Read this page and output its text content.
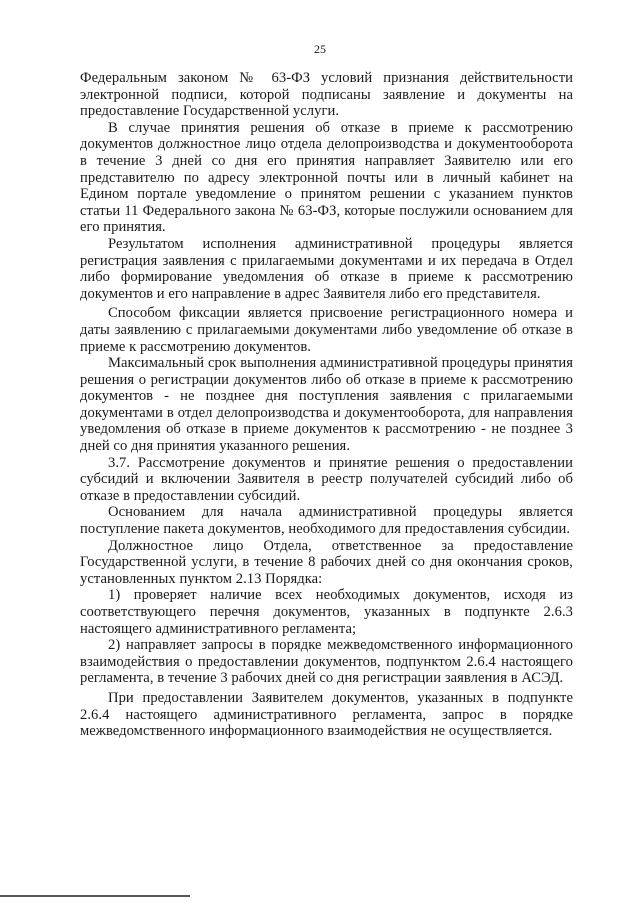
25

Федеральным законом № 63-ФЗ условий признания действительности электронной подписи, которой подписаны заявление и документы на предоставление Государственной услуги.

В случае принятия решения об отказе в приеме к рассмотрению документов должностное лицо отдела делопроизводства и документооборота в течение 3 дней со дня его принятия направляет Заявителю или его представителю по адресу электронной почты или в личный кабинет на Едином портале уведомление о принятом решении с указанием пунктов статьи 11 Федерального закона № 63-ФЗ, которые послужили основанием для его принятия.

Результатом исполнения административной процедуры является регистрация заявления с прилагаемыми документами и их передача в Отдел либо формирование уведомления об отказе в приеме к рассмотрению документов и его направление в адрес Заявителя либо его представителя.

Способом фиксации является присвоение регистрационного номера и даты заявлению с прилагаемыми документами либо уведомление об отказе в приеме к рассмотрению документов.

Максимальный срок выполнения административной процедуры принятия решения о регистрации документов либо об отказе в приеме к рассмотрению документов - не позднее дня поступления заявления с прилагаемыми документами в отдел делопроизводства и документооборота, для направления уведомления об отказе в приеме документов к рассмотрению - не позднее 3 дней со дня принятия указанного решения.

3.7. Рассмотрение документов и принятие решения о предоставлении субсидий и включении Заявителя в реестр получателей субсидий либо об отказе в предоставлении субсидий.

Основанием для начала административной процедуры является поступление пакета документов, необходимого для предоставления субсидии.

Должностное лицо Отдела, ответственное за предоставление Государственной услуги, в течение 8 рабочих дней со дня окончания сроков, установленных пунктом 2.13 Порядка:

1) проверяет наличие всех необходимых документов, исходя из соответствующего перечня документов, указанных в подпункте 2.6.3 настоящего административного регламента;

2) направляет запросы в порядке межведомственного информационного взаимодействия о предоставлении документов, подпунктом 2.6.4 настоящего регламента, в течение 3 рабочих дней со дня регистрации заявления в АСЭД.

При предоставлении Заявителем документов, указанных в подпункте 2.6.4 настоящего административного регламента, запрос в порядке межведомственного информационного взаимодействия не осуществляется.
